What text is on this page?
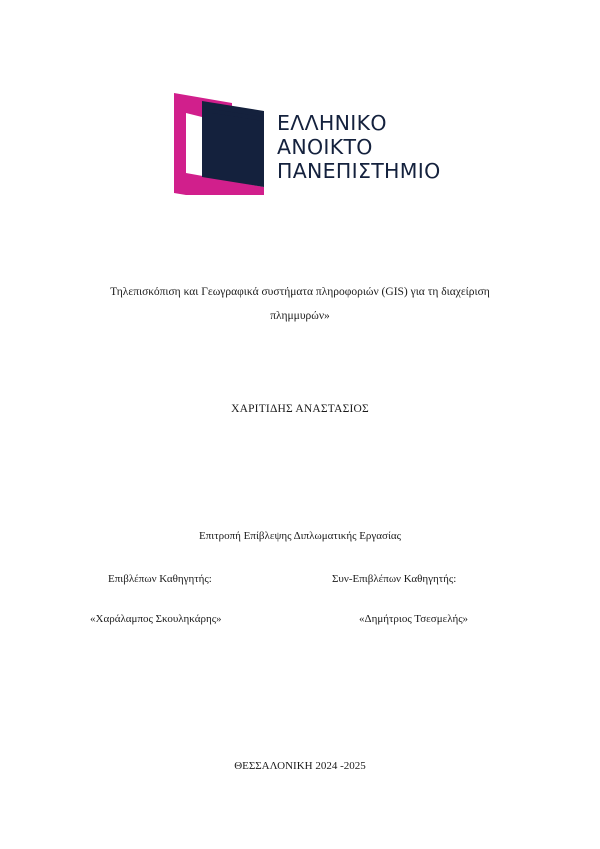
ΕΛΛΗΝΙΚΟ
ΑΝΟΙΚΤΟ
ΠΑΝΕΠΙΣΤΗΜΙΟ
Τηλεπισκόπιση και Γεωγραφικά συστήματα πληροφοριών (GIS) για τη διαχείριση
πλημμυρών»
ΧΑΡΙΤΙΔΗΣ ΑΝΑΣΤΑΣΙΟΣ
Επιτροπή Επίβλεψης Διπλωματικής Εργασίας
Επιβλέπων Καθηγητής:	Συν-Επιβλέπων Καθηγητής:
«Χαράλαμπος Σκουληκάρης»	«Δημήτριος Τσεσμελής»
ΘΕΣΣΑΛΟΝΙΚΗ 2024 -2025
